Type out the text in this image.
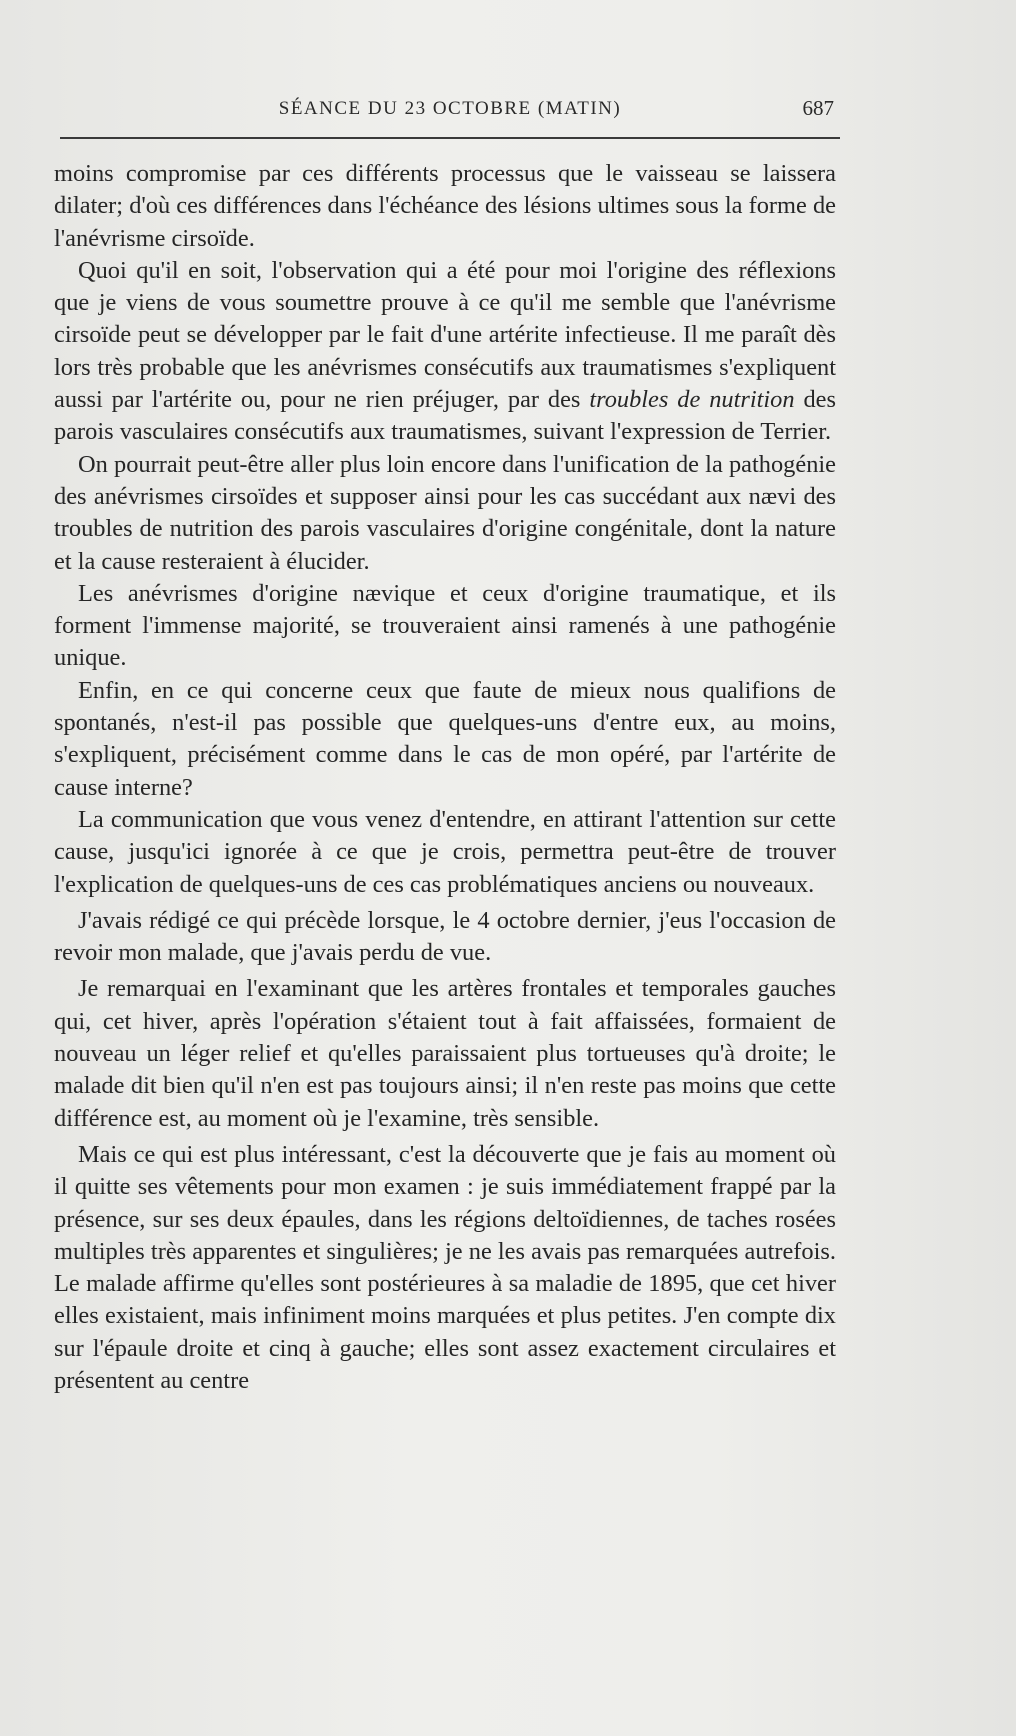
SÉANCE DU 23 OCTOBRE (MATIN)	687

moins compromise par ces différents processus que le vaisseau se laissera dilater; d'où ces différences dans l'échéance des lésions ultimes sous la forme de l'anévrisme cirsoïde.

Quoi qu'il en soit, l'observation qui a été pour moi l'origine des réflexions que je viens de vous soumettre prouve à ce qu'il me semble que l'anévrisme cirsoïde peut se développer par le fait d'une artérite infectieuse. Il me paraît dès lors très probable que les anévrismes consécutifs aux traumatismes s'expliquent aussi par l'artérite ou, pour ne rien préjuger, par des troubles de nutrition des parois vasculaires consécutifs aux traumatismes, suivant l'expression de Terrier.

On pourrait peut-être aller plus loin encore dans l'unification de la pathogénie des anévrismes cirsoïdes et supposer ainsi pour les cas succédant aux nævi des troubles de nutrition des parois vasculaires d'origine congénitale, dont la nature et la cause resteraient à élucider.

Les anévrismes d'origine nævique et ceux d'origine traumatique, et ils forment l'immense majorité, se trouveraient ainsi ramenés à une pathogénie unique.

Enfin, en ce qui concerne ceux que faute de mieux nous qualifions de spontanés, n'est-il pas possible que quelques-uns d'entre eux, au moins, s'expliquent, précisément comme dans le cas de mon opéré, par l'artérite de cause interne?

La communication que vous venez d'entendre, en attirant l'attention sur cette cause, jusqu'ici ignorée à ce que je crois, permettra peut-être de trouver l'explication de quelques-uns de ces cas problématiques anciens ou nouveaux.

J'avais rédigé ce qui précède lorsque, le 4 octobre dernier, j'eus l'occasion de revoir mon malade, que j'avais perdu de vue.

Je remarquai en l'examinant que les artères frontales et temporales gauches qui, cet hiver, après l'opération s'étaient tout à fait affaissées, formaient de nouveau un léger relief et qu'elles paraissaient plus tortueuses qu'à droite; le malade dit bien qu'il n'en est pas toujours ainsi; il n'en reste pas moins que cette différence est, au moment où je l'examine, très sensible.

Mais ce qui est plus intéressant, c'est la découverte que je fais au moment où il quitte ses vêtements pour mon examen : je suis immédiatement frappé par la présence, sur ses deux épaules, dans les régions deltoïdiennes, de taches rosées multiples très apparentes et singulières; je ne les avais pas remarquées autrefois. Le malade affirme qu'elles sont postérieures à sa maladie de 1895, que cet hiver elles existaient, mais infiniment moins marquées et plus petites. J'en compte dix sur l'épaule droite et cinq à gauche; elles sont assez exactement circulaires et présentent au centre
